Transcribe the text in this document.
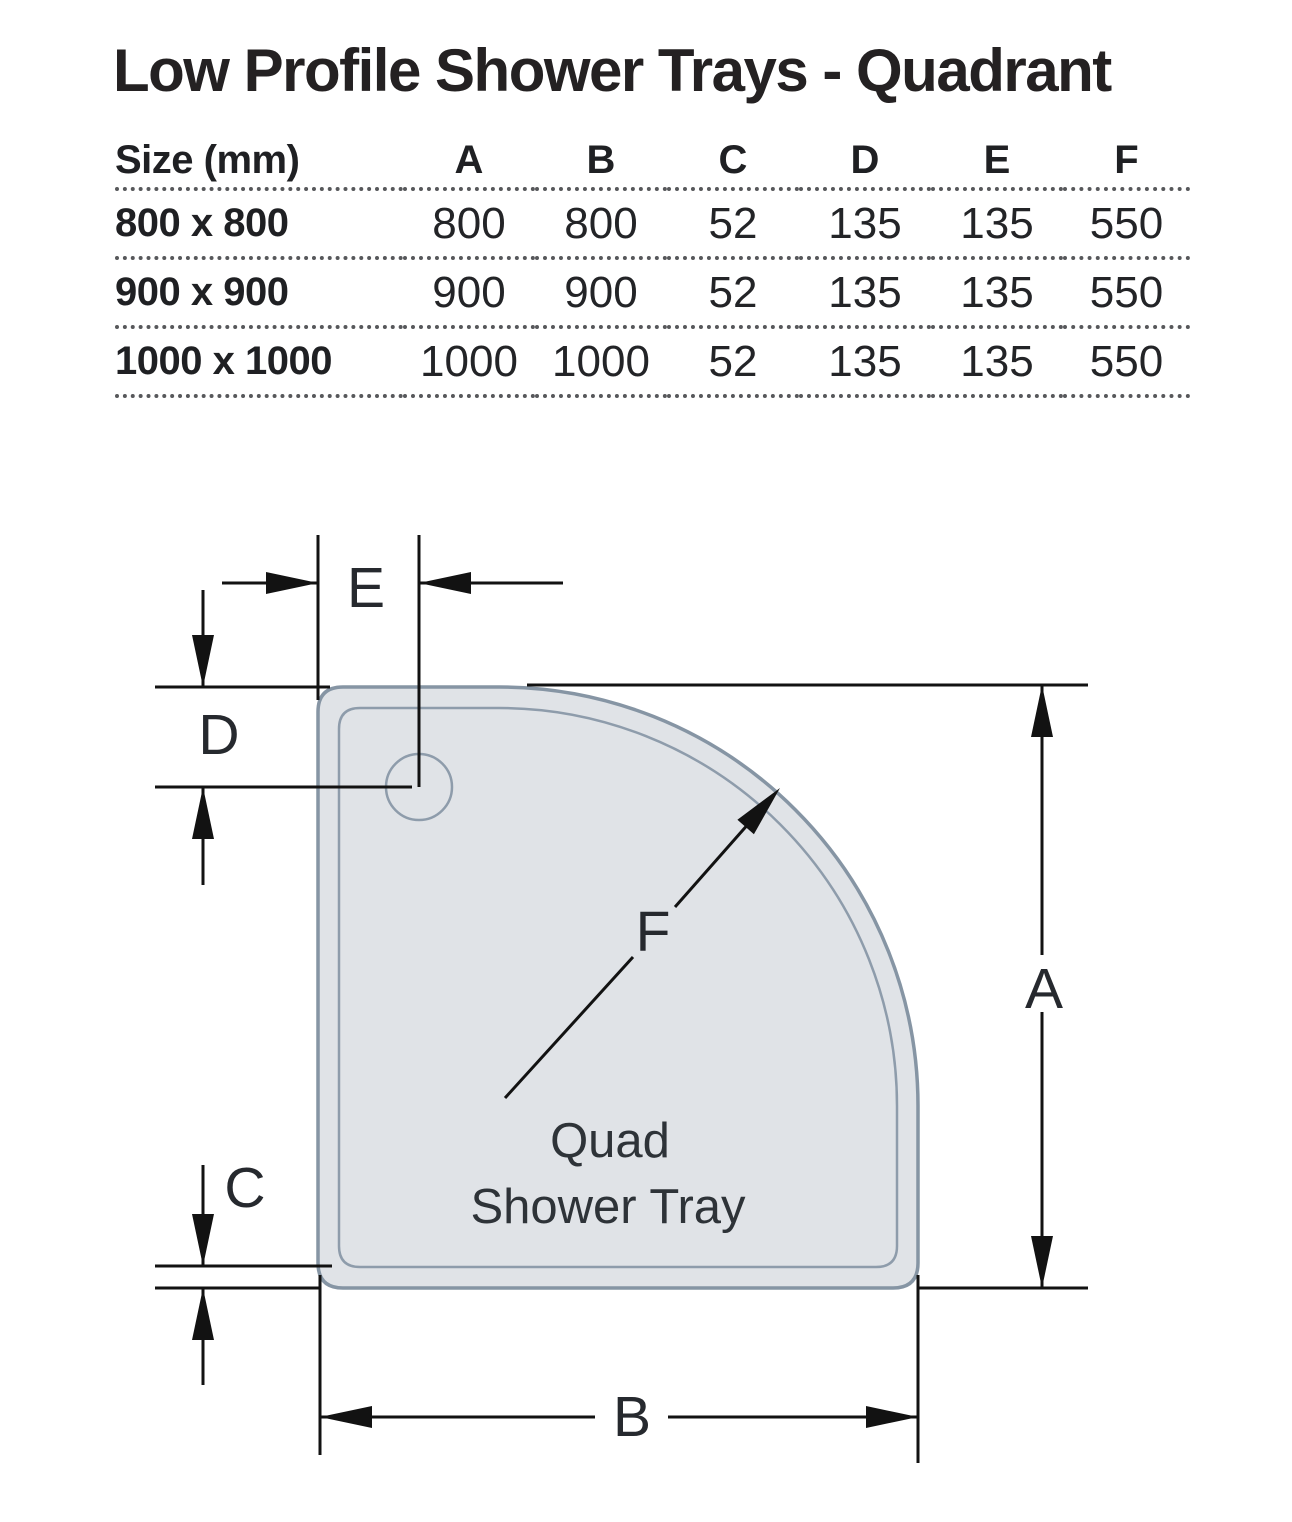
Low Profile Shower Trays - Quadrant
Size (mm)	A	B	C	D	E	F
800 x 800	800	800	52	135	135	550
900 x 900	900	900	52	135	135	550
1000 x 1000	1000	1000	52	135	135	550
E
D
C
B
A
F
Quad
Shower Tray
